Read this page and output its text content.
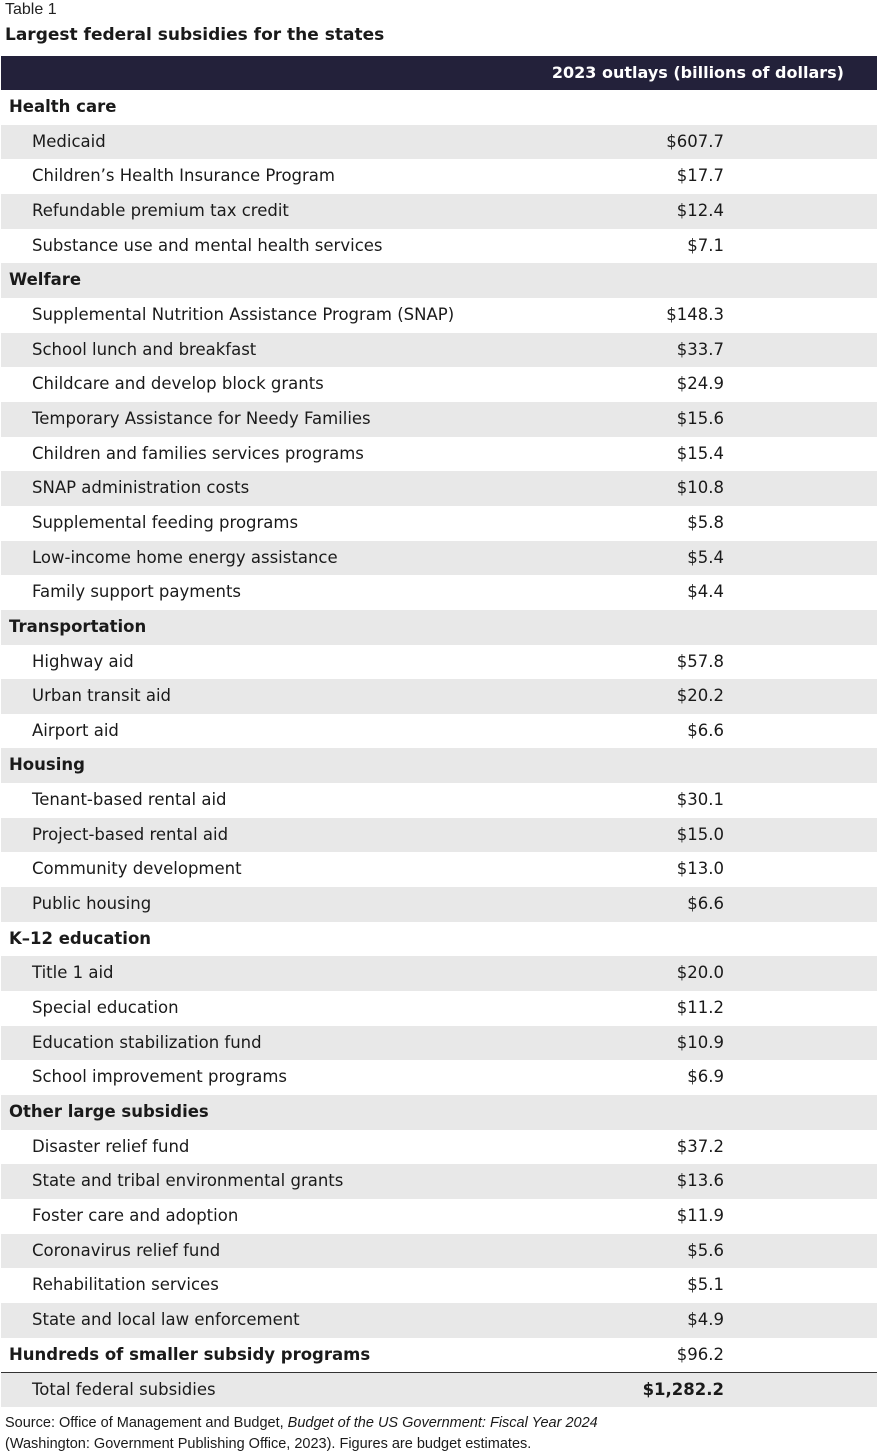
Table 1
Largest federal subsidies for the states
2023 outlays (billions of dollars)
Health care
Medicaid	$607.7
Children’s Health Insurance Program	$17.7
Refundable premium tax credit	$12.4
Substance use and mental health services	$7.1
Welfare
Supplemental Nutrition Assistance Program (SNAP)	$148.3
School lunch and breakfast	$33.7
Childcare and develop block grants	$24.9
Temporary Assistance for Needy Families	$15.6
Children and families services programs	$15.4
SNAP administration costs	$10.8
Supplemental feeding programs	$5.8
Low-income home energy assistance	$5.4
Family support payments	$4.4
Transportation
Highway aid	$57.8
Urban transit aid	$20.2
Airport aid	$6.6
Housing
Tenant-based rental aid	$30.1
Project-based rental aid	$15.0
Community development	$13.0
Public housing	$6.6
K–12 education
Title 1 aid	$20.0
Special education	$11.2
Education stabilization fund	$10.9
School improvement programs	$6.9
Other large subsidies
Disaster relief fund	$37.2
State and tribal environmental grants	$13.6
Foster care and adoption	$11.9
Coronavirus relief fund	$5.6
Rehabilitation services	$5.1
State and local law enforcement	$4.9
Hundreds of smaller subsidy programs	$96.2
Total federal subsidies	$1,282.2
Source: Office of Management and Budget, Budget of the US Government: Fiscal Year 2024
(Washington: Government Publishing Office, 2023). Figures are budget estimates.
